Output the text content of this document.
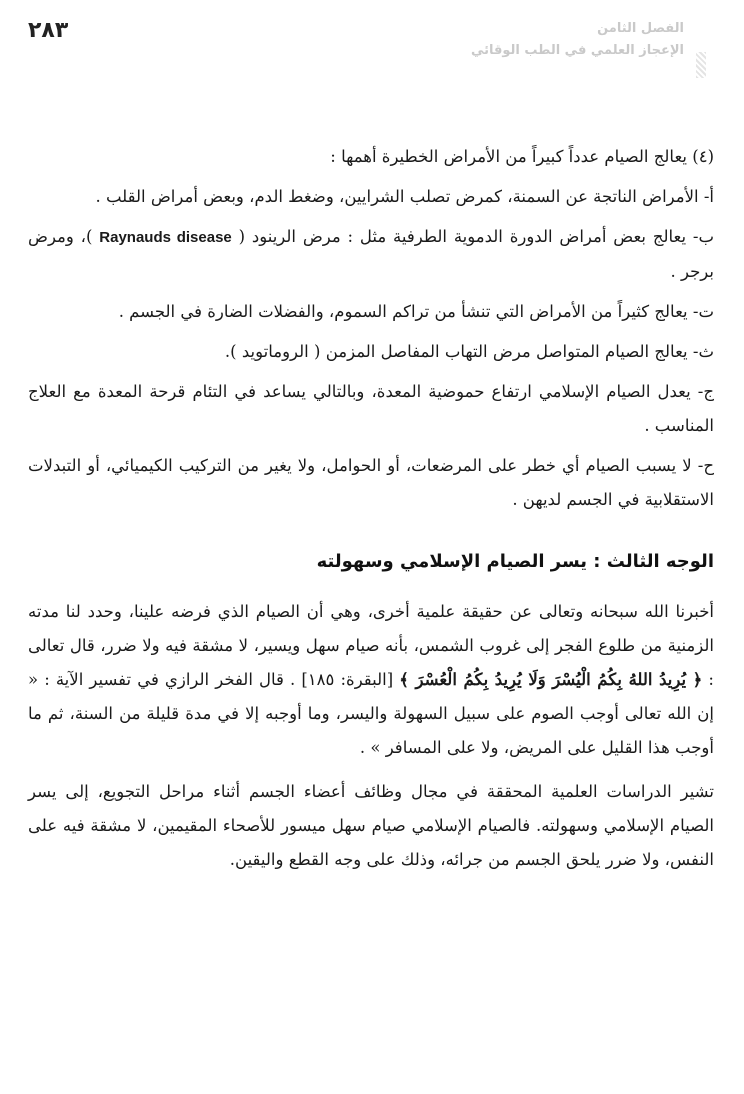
٢٨٣	الفصل الثامن
الإعجاز العلمي في الطب الوقائي

(٤) يعالج الصيام عدداً كبيراً من الأمراض الخطيرة أهمها :

أ- الأمراض الناتجة عن السمنة، كمرض تصلب الشرايين، وضغط الدم، وبعض أمراض القلب .

ب- يعالج بعض أمراض الدورة الدموية الطرفية مثل : مرض الرينود ( Raynauds disease )، ومرض برجر .

ت- يعالج كثيراً من الأمراض التي تنشأ من تراكم السموم، والفضلات الضارة في الجسم .

ث- يعالج الصيام المتواصل مرض التهاب المفاصل المزمن ( الروماتويد ).

ج- يعدل الصيام الإسلامي ارتفاع حموضية المعدة، وبالتالي يساعد في التئام قرحة المعدة مع العلاج المناسب .

ح- لا يسبب الصيام أي خطر على المرضعات، أو الحوامل، ولا يغير من التركيب الكيميائي، أو التبدلات الاستقلابية في الجسم لديهن .

الوجه الثالث : يسر الصيام الإسلامي وسهولته

أخبرنا الله سبحانه وتعالى عن حقيقة علمية أخرى، وهي أن الصيام الذي فرضه علينا، وحدد لنا مدته الزمنية من طلوع الفجر إلى غروب الشمس، بأنه صيام سهل ويسير، لا مشقة فيه ولا ضرر، قال تعالى : ﴿ يُرِيدُ اللهُ بِكُمُ الْيُسْرَ وَلَا يُرِيدُ بِكُمُ الْعُسْرَ ﴾ [البقرة: ١٨٥] . قال الفخر الرازي في تفسير الآية : « إن الله تعالى أوجب الصوم على سبيل السهولة واليسر، وما أوجبه إلا في مدة قليلة من السنة، ثم ما أوجب هذا القليل على المريض، ولا على المسافر » .

تشير الدراسات العلمية المحققة في مجال وظائف أعضاء الجسم أثناء مراحل التجويع، إلى يسر الصيام الإسلامي وسهولته. فالصيام الإسلامي صيام سهل ميسور للأصحاء المقيمين، لا مشقة فيه على النفس، ولا ضرر يلحق الجسم من جرائه، وذلك على وجه القطع واليقين.
